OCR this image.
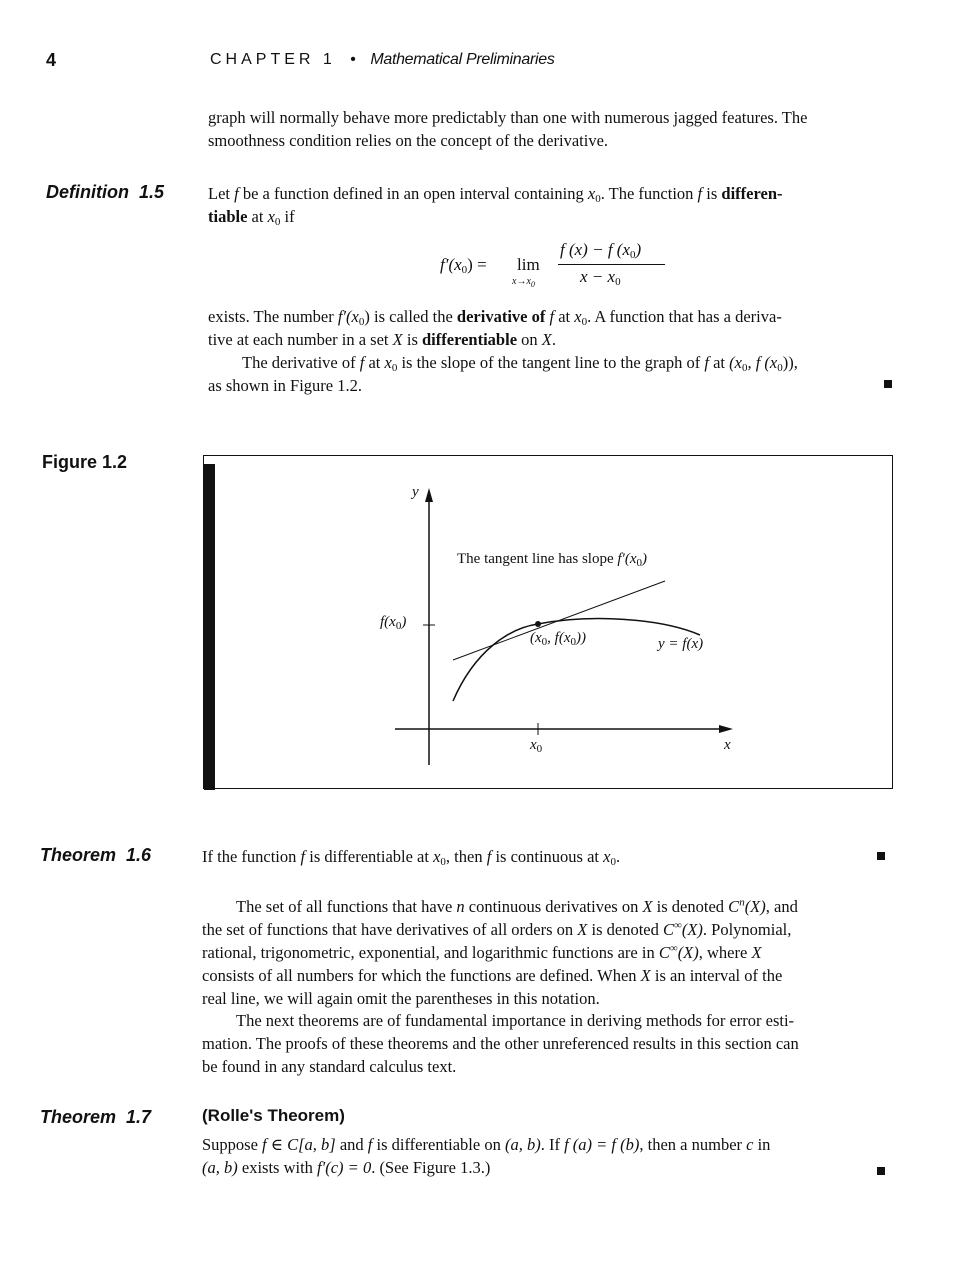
4	CHAPTER 1 • Mathematical Preliminaries
graph will normally behave more predictably than one with numerous jagged features. The
smoothness condition relies on the concept of the derivative.
Definition 1.5	Let f be a function defined in an open interval containing $x_0$. The function f is differen-
tiable at $x_0$ if
$f'(x_0) = \lim$
$x\to x_0$
f (x) − f $(x_0)$
$x - x_0$
exists. The number $f'(x_0)$ is called the derivative of f at $x_0$. A function that has a deriva-
tive at each number in a set X is differentiable on X.
The derivative of f at $x_0$ is the slope of the tangent line to the graph of f at ($x_0$, f $(x_0)$),
as shown in Figure 1.2.
Figure 1.2
y
x
$f(x_0)$
$x_0$
The tangent line has slope $f'(x_0)$
($x_0$, $f(x_0)$)	y = f(x)
Theorem 1.6	If the function f is differentiable at $x_0$, then f is continuous at $x_0$.
The set of all functions that have n continuous derivatives on X is denoted $C^n(X)$, and
the set of functions that have derivatives of all orders on X is denoted C∞(X). Polynomial,
rational, trigonometric, exponential, and logarithmic functions are in C∞(X), where X
consists of all numbers for which the functions are defined. When X is an interval of the
real line, we will again omit the parentheses in this notation.
The next theorems are of fundamental importance in deriving methods for error esti-
mation. The proofs of these theorems and the other unreferenced results in this section can
be found in any standard calculus text.
Theorem 1.7	(Rolle's Theorem)
Suppose f ∈ C[a, b] and f is differentiable on (a, b). If f (a) = f (b), then a number c in
(a, b) exists with f′(c) = 0. (See Figure 1.3.)
